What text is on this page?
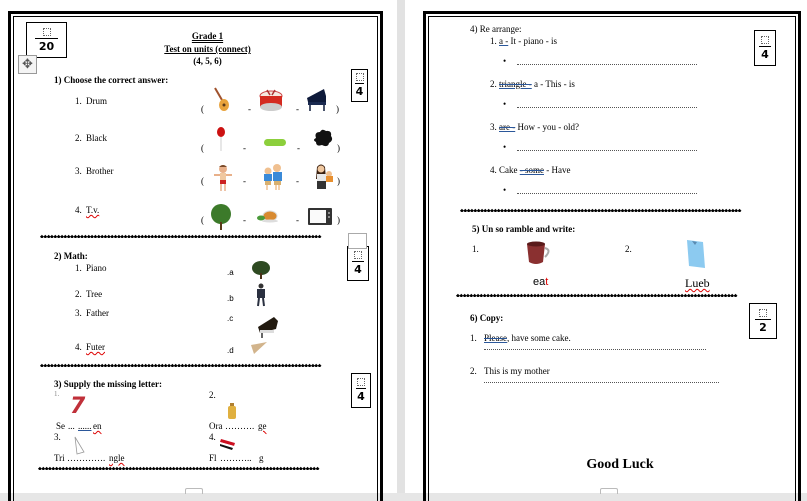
20
✥
Grade 1
Test on units (connect)
(4, 5, 6)
1) Choose the correct answer:
4
1. Drum
(	-	-	)
2. Black
(	-	-	)
3. Brother
(	-	-	)
4. T.v.
(	-	-	)
◆◆◆◆◆◆◆◆◆◆◆◆◆◆◆◆◆◆◆◆◆◆◆◆◆◆◆◆◆◆◆◆◆◆◆◆◆◆◆◆◆◆◆◆◆◆◆◆◆◆◆◆◆◆◆◆◆◆◆◆◆◆◆◆◆◆◆◆◆◆◆◆◆◆◆◆◆◆◆◆◆◆◆◆
2) Math:
4
1. Piano
2. Tree
3. Father
4. Futer
.a
.b
.c
.d
◆◆◆◆◆◆◆◆◆◆◆◆◆◆◆◆◆◆◆◆◆◆◆◆◆◆◆◆◆◆◆◆◆◆◆◆◆◆◆◆◆◆◆◆◆◆◆◆◆◆◆◆◆◆◆◆◆◆◆◆◆◆◆◆◆◆◆◆◆◆◆◆◆◆◆◆◆◆◆◆◆◆◆◆
3) Supply the missing letter:
4
1. 7
Se ... ...... en
2.
Ora ………. ge
3.
Tri …………. ngle
4.
Fl ……….. g
◆◆◆◆◆◆◆◆◆◆◆◆◆◆◆◆◆◆◆◆◆◆◆◆◆◆◆◆◆◆◆◆◆◆◆◆◆◆◆◆◆◆◆◆◆◆◆◆◆◆◆◆◆◆◆◆◆◆◆◆◆◆◆◆◆◆◆◆◆◆◆◆◆◆◆◆◆◆◆◆◆◆◆◆
4) Re arrange:
4
1. a - It - piano - is
•
2. triangle - a - This - is
•
3. are - How - you - old?
•
4. Cake - some - Have
•
◆◆◆◆◆◆◆◆◆◆◆◆◆◆◆◆◆◆◆◆◆◆◆◆◆◆◆◆◆◆◆◆◆◆◆◆◆◆◆◆◆◆◆◆◆◆◆◆◆◆◆◆◆◆◆◆◆◆◆◆◆◆◆◆◆◆◆◆◆◆◆◆◆◆◆◆◆◆◆◆◆◆◆◆
5) Un so ramble and write:
1.
eat
2.
Lueb
◆◆◆◆◆◆◆◆◆◆◆◆◆◆◆◆◆◆◆◆◆◆◆◆◆◆◆◆◆◆◆◆◆◆◆◆◆◆◆◆◆◆◆◆◆◆◆◆◆◆◆◆◆◆◆◆◆◆◆◆◆◆◆◆◆◆◆◆◆◆◆◆◆◆◆◆◆◆◆◆◆◆◆◆
6) Copy:
2
1. Please, have some cake.
2. This is my mother
Good Luck
